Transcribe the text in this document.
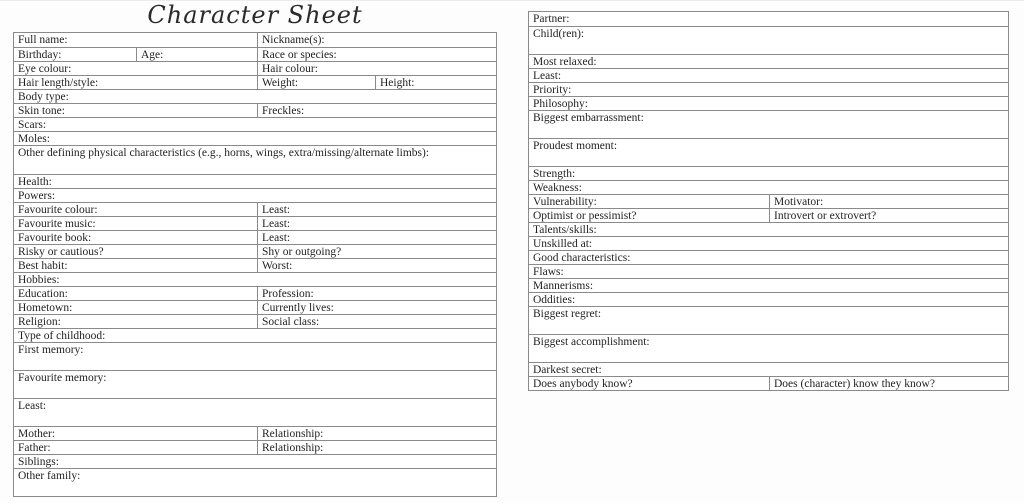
Character Sheet
Full name:	Nickname(s):
Birthday:	Age:	Race or species:
Eye colour:	Hair colour:
Hair length/style:	Weight:	Height:
Body type:
Skin tone:	Freckles:
Scars:
Moles:
Other defining physical characteristics (e.g., horns, wings, extra/missing/alternate limbs):
Health:
Powers:
Favourite colour:	Least:
Favourite music:	Least:
Favourite book:	Least:
Risky or cautious?	Shy or outgoing?
Best habit:	Worst:
Hobbies:
Education:	Profession:
Hometown:	Currently lives:
Religion:	Social class:
Type of childhood:
First memory:
Favourite memory:
Least:
Mother:	Relationship:
Father:	Relationship:
Siblings:
Other family:
Partner:
Child(ren):
Most relaxed:
Least:
Priority:
Philosophy:
Biggest embarrassment:
Proudest moment:
Strength:
Weakness:
Vulnerability:	Motivator:
Optimist or pessimist?	Introvert or extrovert?
Talents/skills:
Unskilled at:
Good characteristics:
Flaws:
Mannerisms:
Oddities:
Biggest regret:
Biggest accomplishment:
Darkest secret:
Does anybody know?	Does (character) know they know?
